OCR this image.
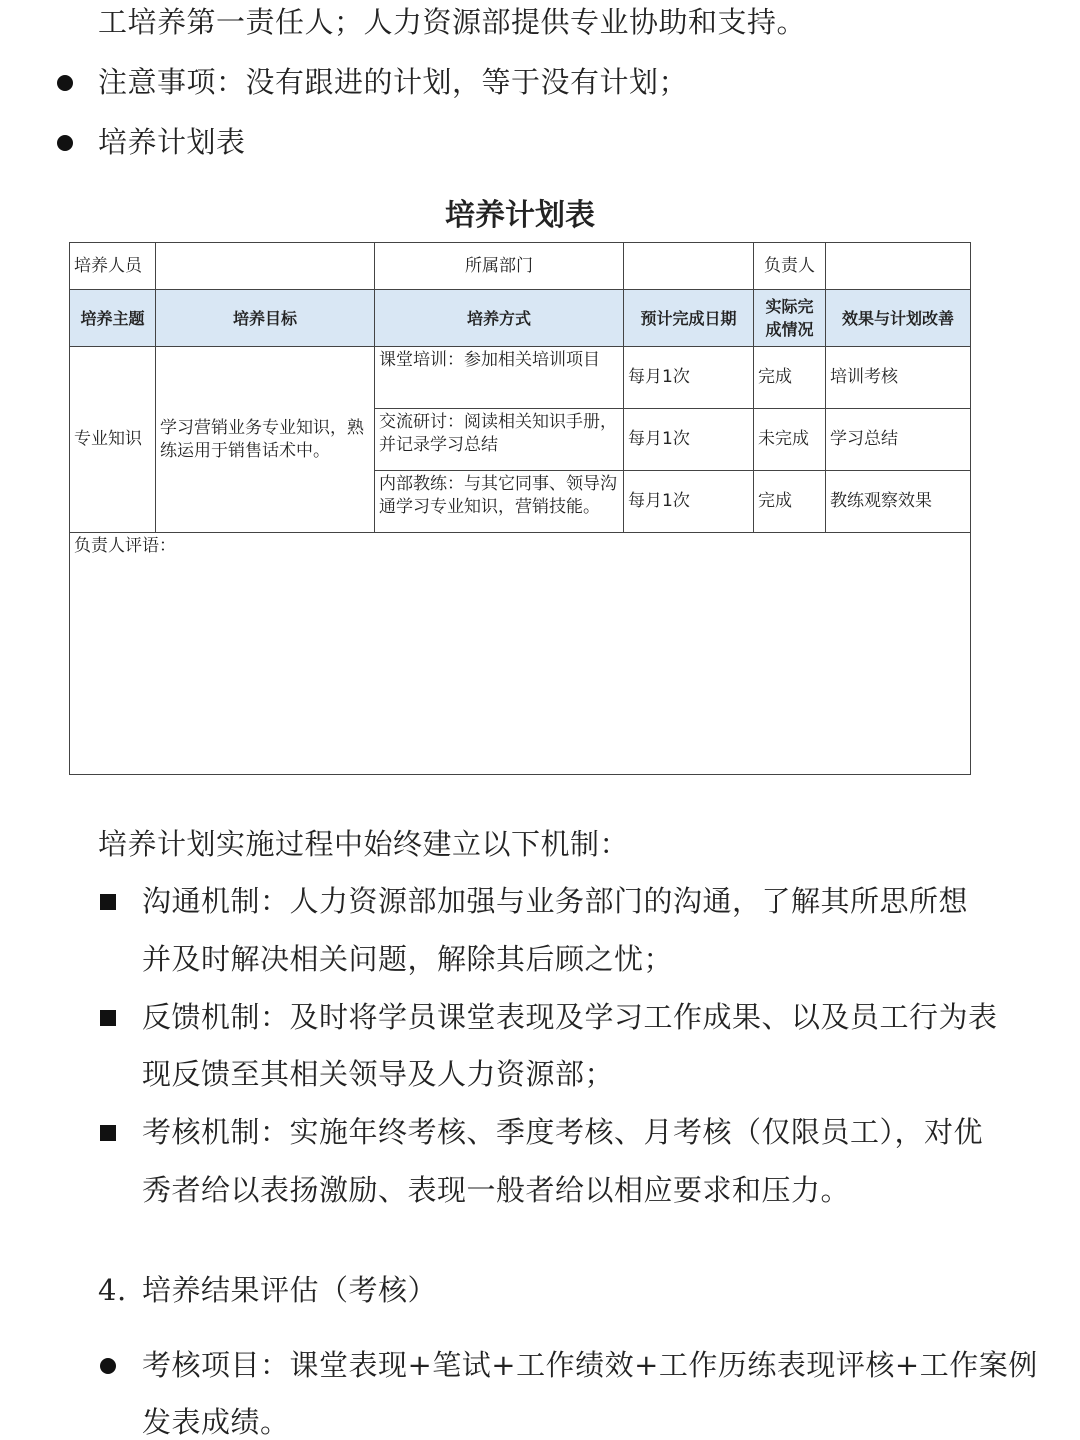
工培养第一责任人；人力资源部提供专业协助和支持。
注意事项：没有跟进的计划，等于没有计划；
培养计划表
培养计划表
培养人员		所属部门		负责人	
培养主题	培养目标	培养方式	预计完成日期	实际完成情况	效果与计划改善
专业知识	学习营销业务专业知识，熟练运用于销售话术中。	课堂培训：参加相关培训项目	每月1次	完成	培训考核

		交流研讨：阅读相关知识手册，并记录学习总结	每月1次	未完成	学习总结

		内部教练：与其它同事、领导沟通学习专业知识，营销技能。	每月1次	完成	教练观察效果
负责人评语：					
培养计划实施过程中始终建立以下机制：
沟通机制：人力资源部加强与业务部门的沟通，了解其所思所想
并及时解决相关问题，解除其后顾之忧；
反馈机制：及时将学员课堂表现及学习工作成果、以及员工行为表
现反馈至其相关领导及人力资源部；
考核机制：实施年终考核、季度考核、月考核（仅限员工），对优
秀者给以表扬激励、表现一般者给以相应要求和压力。
4. 培养结果评估（考核）
考核项目：课堂表现+笔试+工作绩效+工作历练表现评核+工作案例
发表成绩。
